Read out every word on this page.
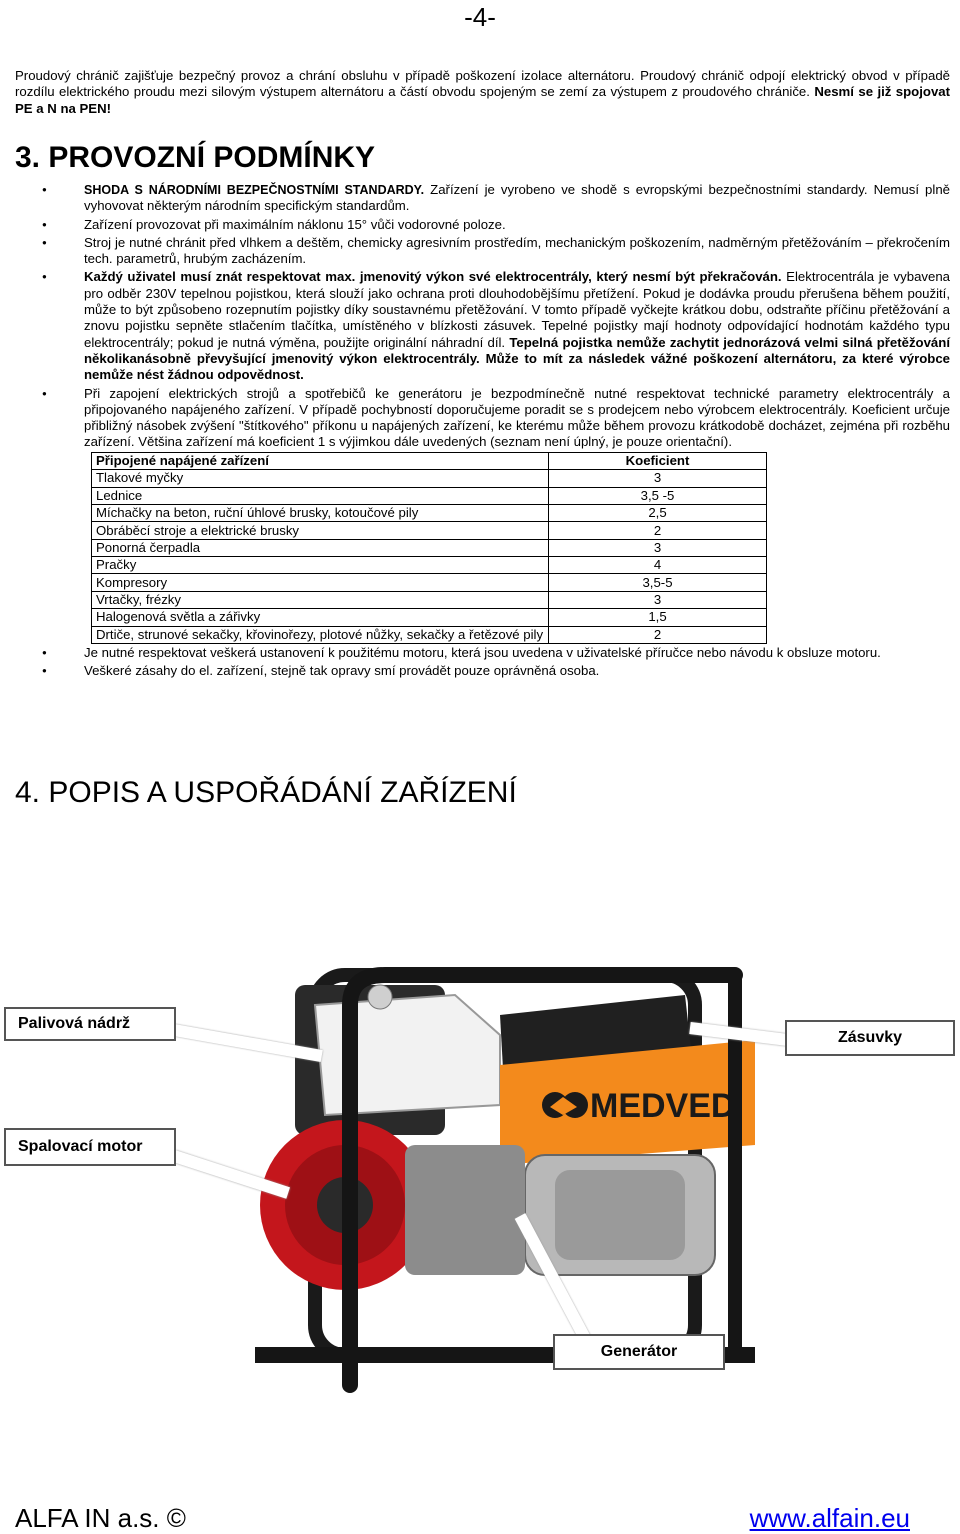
-4-

Proudový chránič zajišťuje bezpečný provoz a chrání obsluhu v případě poškození izolace alternátoru. Proudový chránič odpojí elektrický obvod v případě rozdílu elektrického proudu mezi silovým výstupem alternátoru a částí obvodu spojeným se zemí za výstupem z proudového chrániče. Nesmí se již spojovat PE a N na PEN!

3. PROVOZNÍ PODMÍNKY
● SHODA S NÁRODNÍMI BEZPEČNOSTNÍMI STANDARDY. Zařízení je vyrobeno ve shodě s evropskými bezpečnostními standardy. Nemusí plně vyhovovat některým národním specifickým standardům.
● Zařízení provozovat při maximálním náklonu 15° vůči vodorovné poloze.
● Stroj je nutné chránit před vlhkem a deštěm, chemicky agresivním prostředím, mechanickým poškozením, nadměrným přetěžováním – překročením tech. parametrů, hrubým zacházením.
● Každý uživatel musí znát respektovat max. jmenovitý výkon své elektrocentrály, který nesmí být překračován. Elektrocentrála je vybavena pro odběr 230V tepelnou pojistkou, která slouží jako ochrana proti dlouhodobějšímu přetížení. Pokud je dodávka proudu přerušena během použití, může to být způsobeno rozepnutím pojistky díky soustavnému přetěžování. V tomto případě vyčkejte krátkou dobu, odstraňte příčinu přetěžování a znovu pojistku sepněte stlačením tlačítka, umístěného v blízkosti zásuvek. Tepelné pojistky mají hodnoty odpovídající hodnotám každého typu elektrocentrály; pokud je nutná výměna, použijte originální náhradní díl. Tepelná pojistka nemůže zachytit jednorázová velmi silná přetěžování několikanásobně převyšující jmenovitý výkon elektrocentrály. Může to mít za následek vážné poškození alternátoru, za které výrobce nemůže nést žádnou odpovědnost.
● Při zapojení elektrických strojů a spotřebičů ke generátoru je bezpodmínečně nutné respektovat technické parametry elektrocentrály a připojovaného napájeného zařízení. V případě pochybností doporučujeme poradit se s prodejcem nebo výrobcem elektrocentrály. Koeficient určuje přibližný násobek zvýšení "štítkového" příkonu u napájených zařízení, ke kterému může během provozu krátkodobě docházet, zejména při rozběhu zařízení. Většina zařízení má koeficient 1 s výjimkou dále uvedených (seznam není úplný, je pouze orientační).
Připojené napájené zařízení	Koeficient
Tlakové myčky	3
Lednice	3,5 -5
Míchačky na beton, ruční úhlové brusky, kotoučové pily	2,5
Obráběcí stroje a elektrické brusky	2
Ponorná čerpadla	3
Pračky	4
Kompresory	3,5-5
Vrtačky, frézky	3
Halogenová světla a zářivky	1,5
Drtiče, strunové sekačky, křovinořezy, plotové nůžky, sekačky a řetězové pily	2
● Je nutné respektovat veškerá ustanovení k použitému motoru, která jsou uvedena v uživatelské příručce nebo návodu k obsluze motoru.
● Veškeré zásahy do el. zařízení, stejně tak opravy smí provádět pouze oprávněná osoba.
4. POPIS A USPOŘÁDÁNÍ ZAŘÍZENÍ
MEDVED
Palivová nádrž
Zásuvky
Spalovací motor
Generátor
ALFA IN a.s. ©	www.alfain.eu
